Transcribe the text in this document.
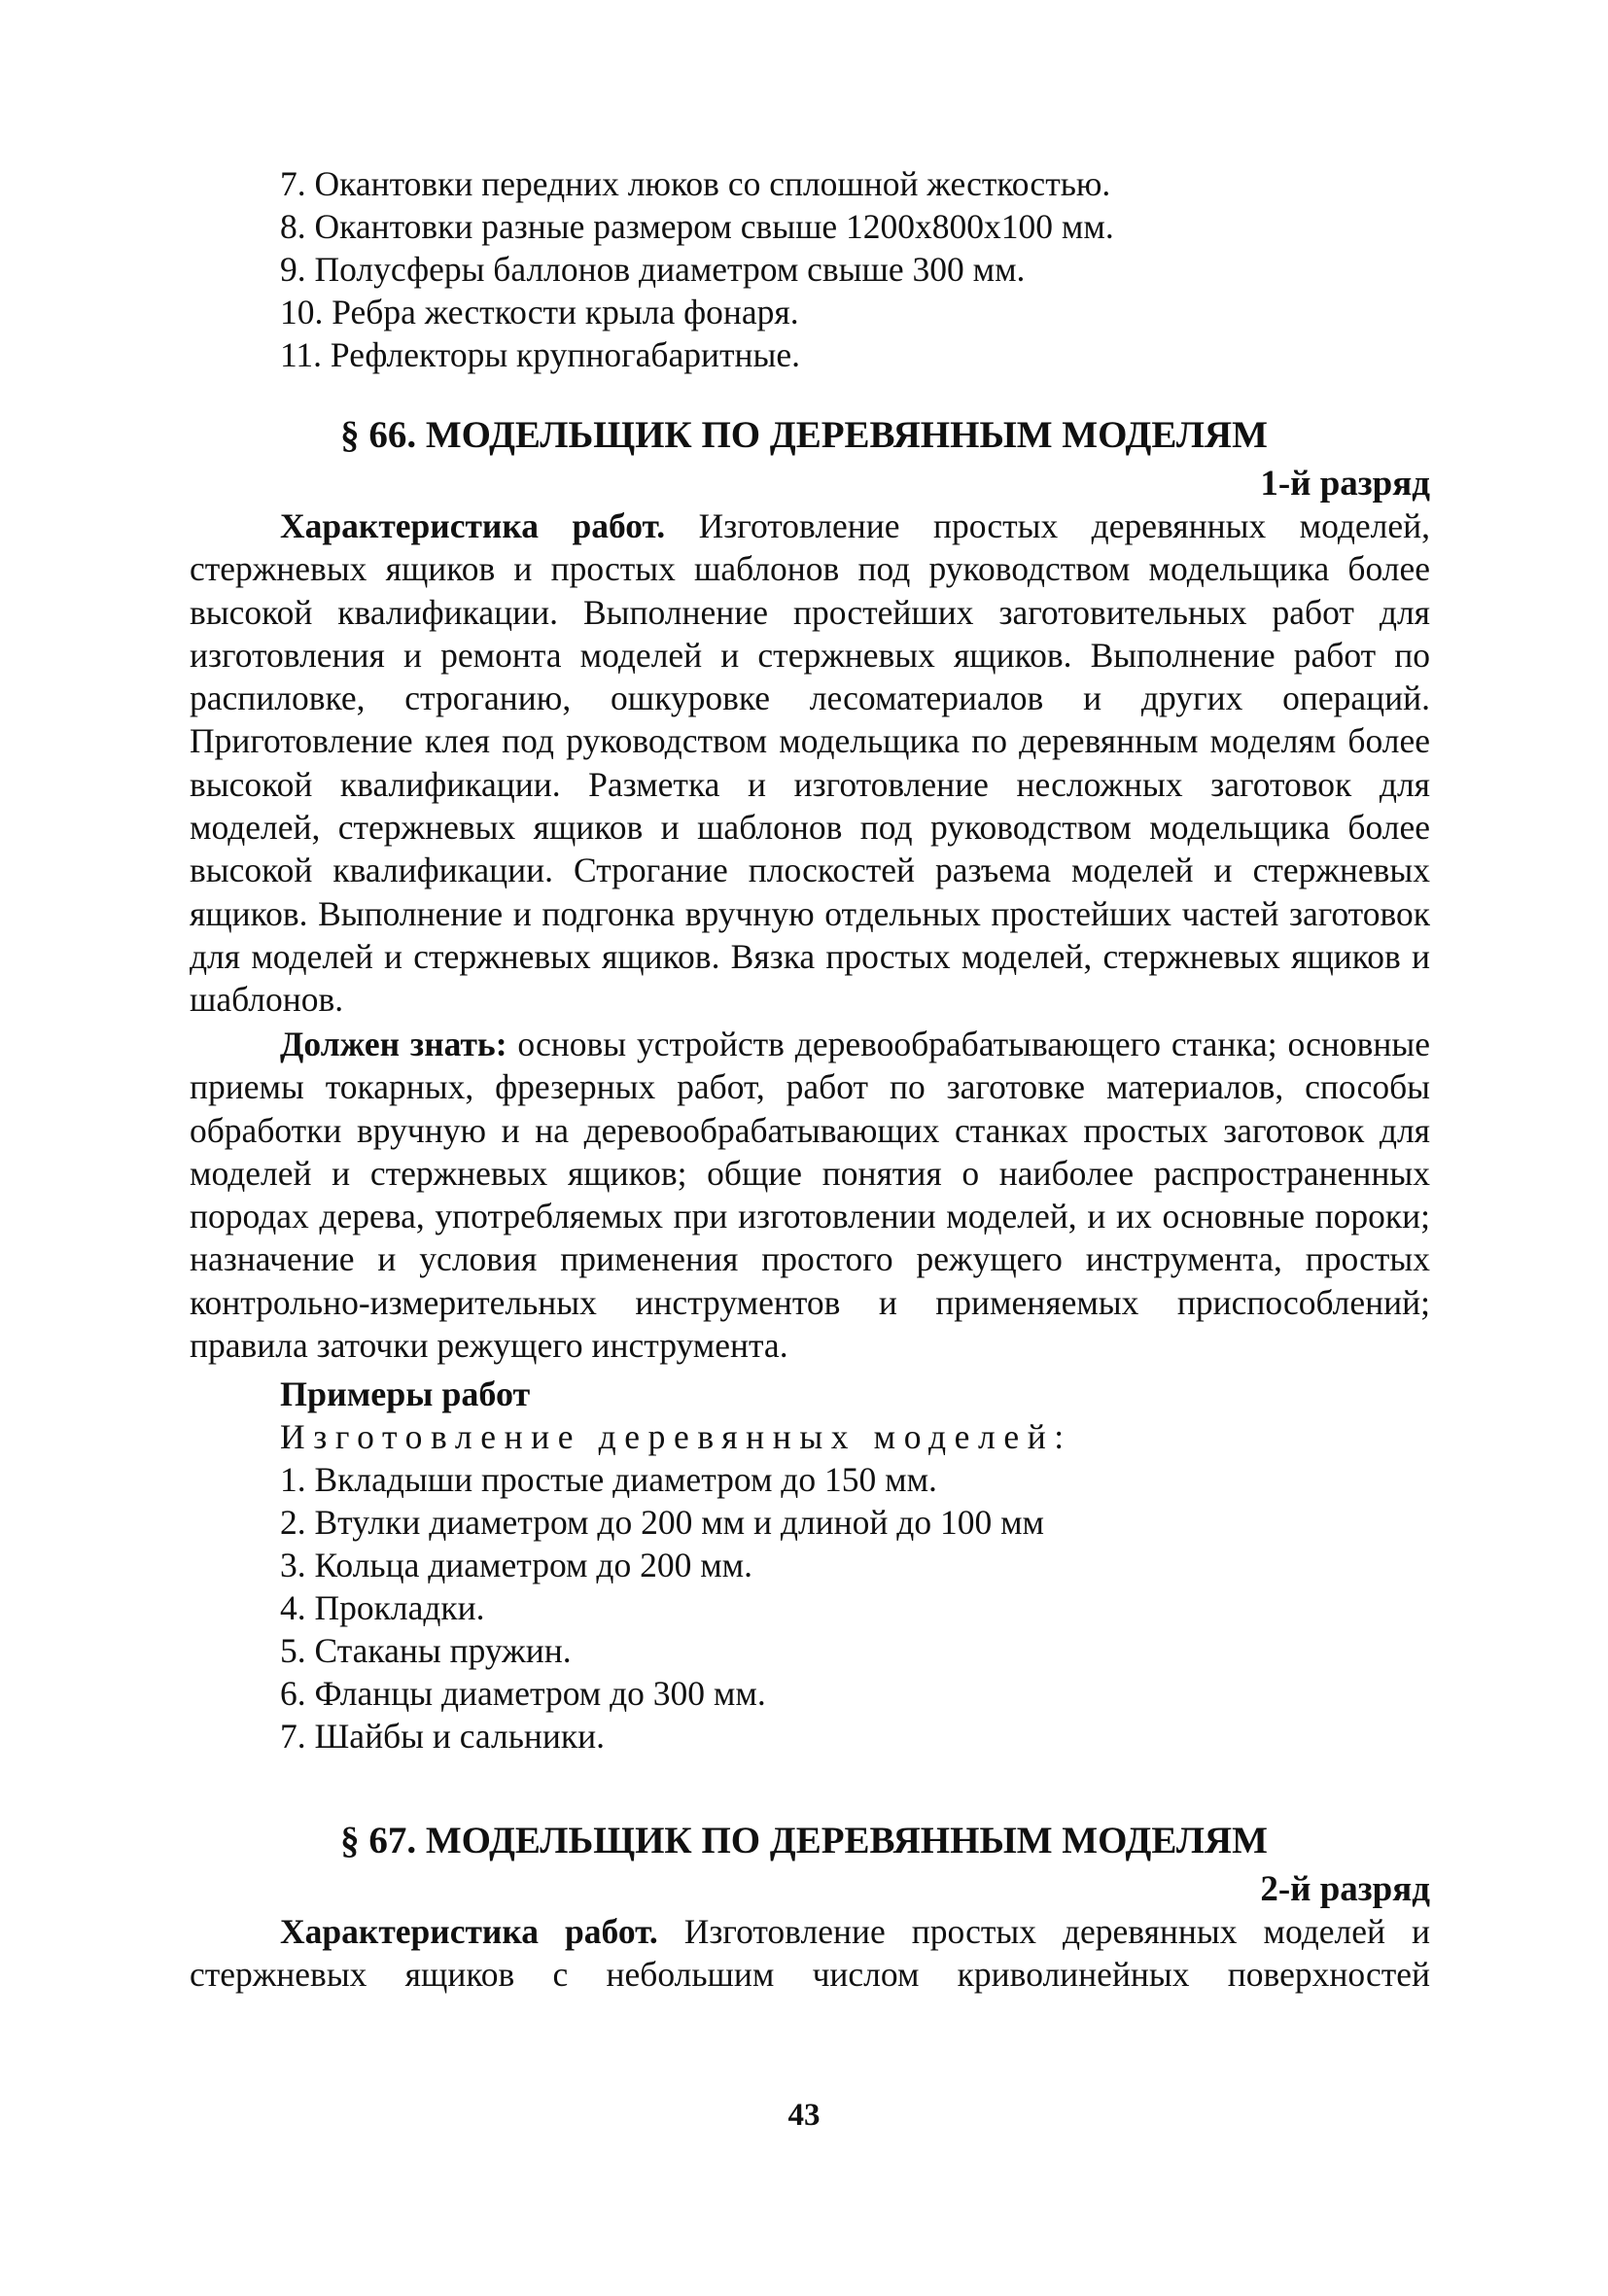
7. Окантовки передних люков со сплошной жесткостью.
8. Окантовки разные размером свыше 1200х800х100 мм.
9. Полусферы баллонов диаметром свыше 300 мм.
10. Ребра жесткости крыла фонаря.
11. Рефлекторы крупногабаритные.
§ 66. МОДЕЛЬЩИК ПО ДЕРЕВЯННЫМ МОДЕЛЯМ
1-й разряд
Характеристика работ. Изготовление простых деревянных моделей, стержневых ящиков и простых шаблонов под руководством модельщика более высокой квалификации. Выполнение простейших заготовительных работ для изготовления и ремонта моделей и стержневых ящиков. Выполнение работ по распиловке, строганию, ошкуровке лесоматериалов и других операций. Приготовление клея под руководством модельщика по деревянным моделям более высокой квалификации. Разметка и изготовление несложных заготовок для моделей, стержневых ящиков и шаблонов под руководством модельщика более высокой квалификации. Строгание плоскостей разъема моделей и стержневых ящиков. Выполнение и подгонка вручную отдельных простейших частей заготовок для моделей и стержневых ящиков. Вязка простых моделей, стержневых ящиков и шаблонов.
Должен знать: основы устройств деревообрабатывающего станка; основные приемы токарных, фрезерных работ, работ по заготовке материалов, способы обработки вручную и на деревообрабатывающих станках простых заготовок для моделей и стержневых ящиков; общие понятия о наиболее распространенных породах дерева, употребляемых при изготовлении моделей, и их основные пороки; назначение и условия применения простого режущего инструмента, простых контрольно-измерительных инструментов и применяемых приспособлений; правила заточки режущего инструмента.
Примеры работ
Изготовление деревянных моделей:
1. Вкладыши простые диаметром до 150 мм.
2. Втулки диаметром до 200 мм и длиной до 100 мм
3. Кольца диаметром до 200 мм.
4. Прокладки.
5. Стаканы пружин.
6. Фланцы диаметром до 300 мм.
7. Шайбы и сальники.
§ 67. МОДЕЛЬЩИК ПО ДЕРЕВЯННЫМ МОДЕЛЯМ
2-й разряд
Характеристика работ. Изготовление простых деревянных моделей и стержневых ящиков с небольшим числом криволинейных поверхностей
43
